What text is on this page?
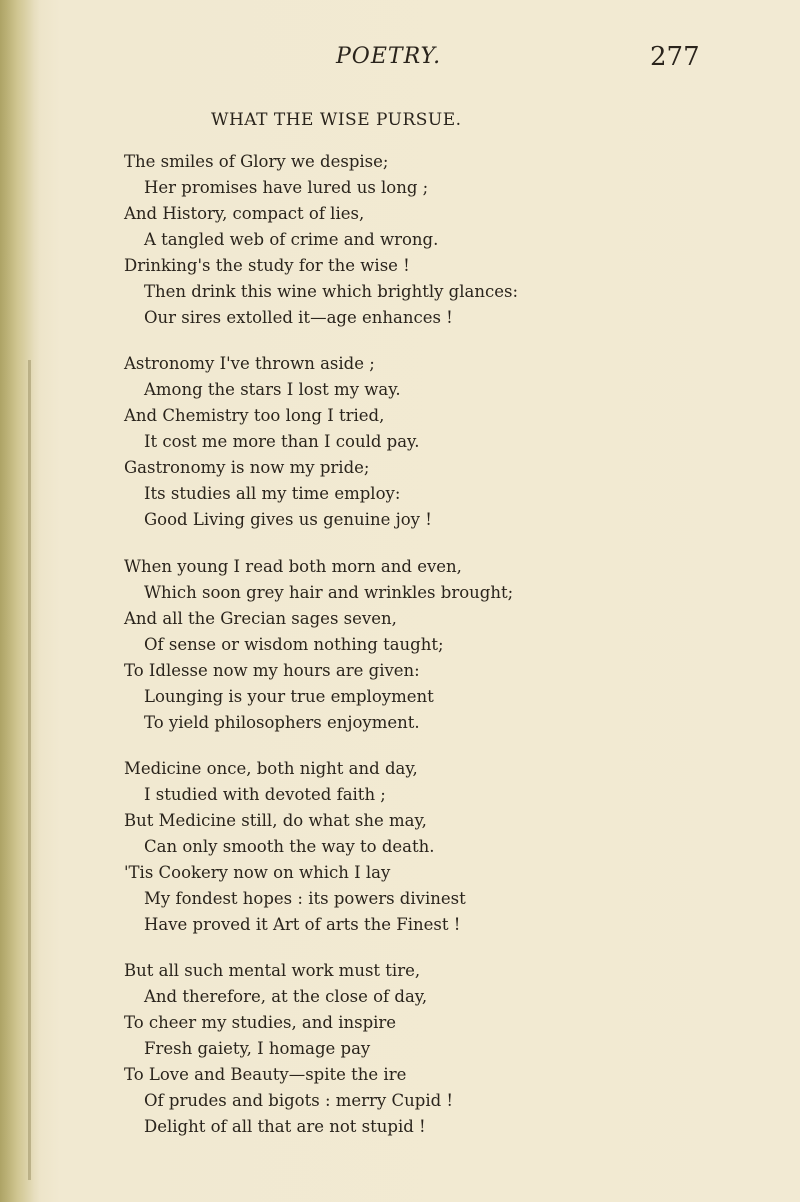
POETRY.	277
WHAT THE WISE PURSUE.
The smiles of Glory we despise;
Her promises have lured us long ;
And History, compact of lies,
A tangled web of crime and wrong.
Drinking's the study for the wise !
Then drink this wine which brightly glances:
Our sires extolled it—age enhances !
Astronomy I've thrown aside ;
Among the stars I lost my way.
And Chemistry too long I tried,
It cost me more than I could pay.
Gastronomy is now my pride;
Its studies all my time employ:
Good Living gives us genuine joy !
When young I read both morn and even,
Which soon grey hair and wrinkles brought;
And all the Grecian sages seven,
Of sense or wisdom nothing taught;
To Idlesse now my hours are given:
Lounging is your true employment
To yield philosophers enjoyment.
Medicine once, both night and day,
I studied with devoted faith ;
But Medicine still, do what she may,
Can only smooth the way to death.
'Tis Cookery now on which I lay
My fondest hopes : its powers divinest
Have proved it Art of arts the Finest !
But all such mental work must tire,
And therefore, at the close of day,
To cheer my studies, and inspire
Fresh gaiety, I homage pay
To Love and Beauty—spite the ire
Of prudes and bigots : merry Cupid !
Delight of all that are not stupid !
